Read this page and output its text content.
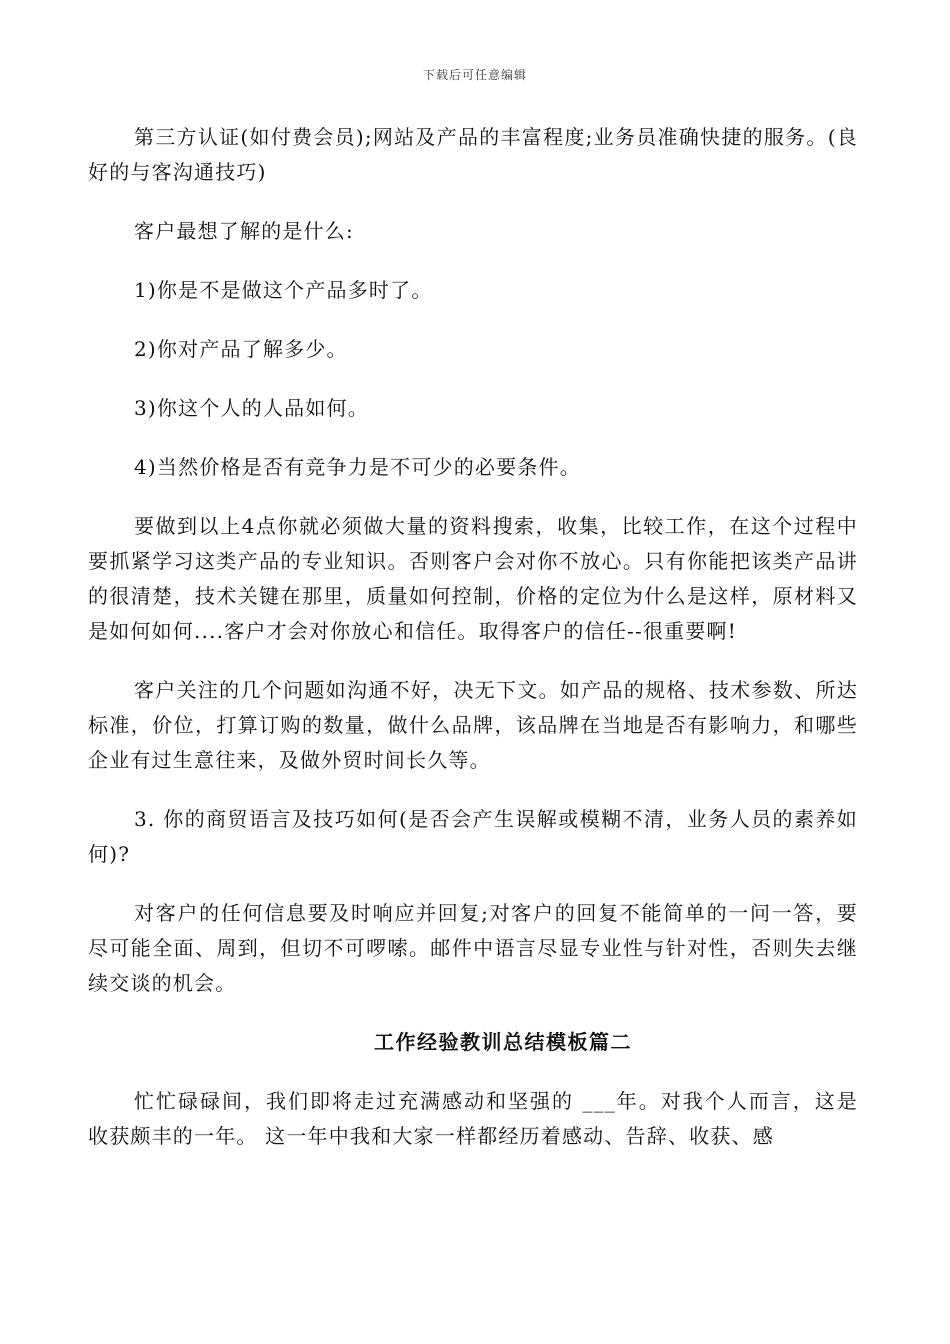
下载后可任意编辑

第三方认证(如付费会员);网站及产品的丰富程度;业务员准确快捷的服务。(良好的与客沟通技巧)

客户最想了解的是什么:

1)你是不是做这个产品多时了。

2)你对产品了解多少。

3)你这个人的人品如何。

4)当然价格是否有竞争力是不可少的必要条件。

要做到以上4点你就必须做大量的资料搜索，收集，比较工作，在这个过程中要抓紧学习这类产品的专业知识。否则客户会对你不放心。只有你能把该类产品讲的很清楚，技术关键在那里，质量如何控制，价格的定位为什么是这样，原材料又是如何如何....客户才会对你放心和信任。取得客户的信任--很重要啊!

客户关注的几个问题如沟通不好，决无下文。如产品的规格、技术参数、所达标准，价位，打算订购的数量，做什么品牌，该品牌在当地是否有影响力，和哪些企业有过生意往来，及做外贸时间长久等。

3. 你的商贸语言及技巧如何(是否会产生误解或模糊不清，业务人员的素养如何)?

对客户的任何信息要及时响应并回复;对客户的回复不能简单的一问一答，要尽可能全面、周到，但切不可啰嗦。邮件中语言尽显专业性与针对性，否则失去继续交谈的机会。

工作经验教训总结模板篇二

忙忙碌碌间，我们即将走过充满感动和坚强的 ___年。对我个人而言，这是 收获颇丰的一年。 这一年中我和大家一样都经历着感动、告辞、收获、感
